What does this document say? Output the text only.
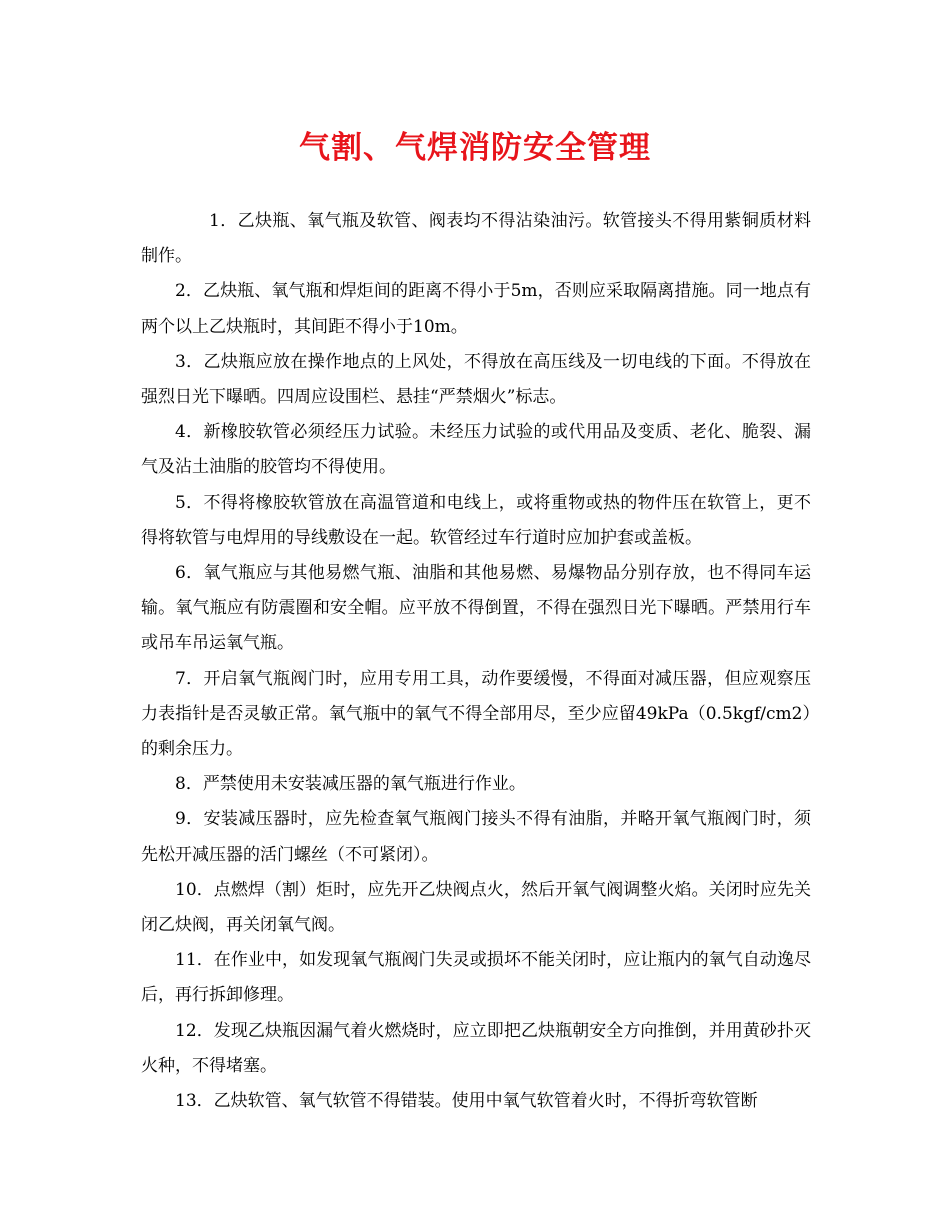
气割、气焊消防安全管理

1．乙炔瓶、氧气瓶及软管、阀表均不得沾染油污。软管接头不得用紫铜质材料制作。

2．乙炔瓶、氧气瓶和焊炬间的距离不得小于5m，否则应采取隔离措施。同一地点有两个以上乙炔瓶时，其间距不得小于10m。

3．乙炔瓶应放在操作地点的上风处，不得放在高压线及一切电线的下面。不得放在强烈日光下曝晒。四周应设围栏、悬挂“严禁烟火”标志。

4．新橡胶软管必须经压力试验。未经压力试验的或代用品及变质、老化、脆裂、漏气及沾土油脂的胶管均不得使用。

5．不得将橡胶软管放在高温管道和电线上，或将重物或热的物件压在软管上，更不得将软管与电焊用的导线敷设在一起。软管经过车行道时应加护套或盖板。

6．氧气瓶应与其他易燃气瓶、油脂和其他易燃、易爆物品分别存放，也不得同车运输。氧气瓶应有防震圈和安全帽。应平放不得倒置，不得在强烈日光下曝晒。严禁用行车或吊车吊运氧气瓶。

7．开启氧气瓶阀门时，应用专用工具，动作要缓慢，不得面对减压器，但应观察压力表指针是否灵敏正常。氧气瓶中的氧气不得全部用尽，至少应留49kPa（0.5kgf/cm2）的剩余压力。

8．严禁使用未安装减压器的氧气瓶进行作业。

9．安装减压器时，应先检查氧气瓶阀门接头不得有油脂，并略开氧气瓶阀门时，须先松开减压器的活门螺丝（不可紧闭）。

10．点燃焊（割）炬时，应先开乙炔阀点火，然后开氧气阀调整火焰。关闭时应先关闭乙炔阀，再关闭氧气阀。

11．在作业中，如发现氧气瓶阀门失灵或损坏不能关闭时，应让瓶内的氧气自动逸尽后，再行拆卸修理。

12．发现乙炔瓶因漏气着火燃烧时，应立即把乙炔瓶朝安全方向推倒，并用黄砂扑灭火种，不得堵塞。

13．乙炔软管、氧气软管不得错装。使用中氧气软管着火时，不得折弯软管断
